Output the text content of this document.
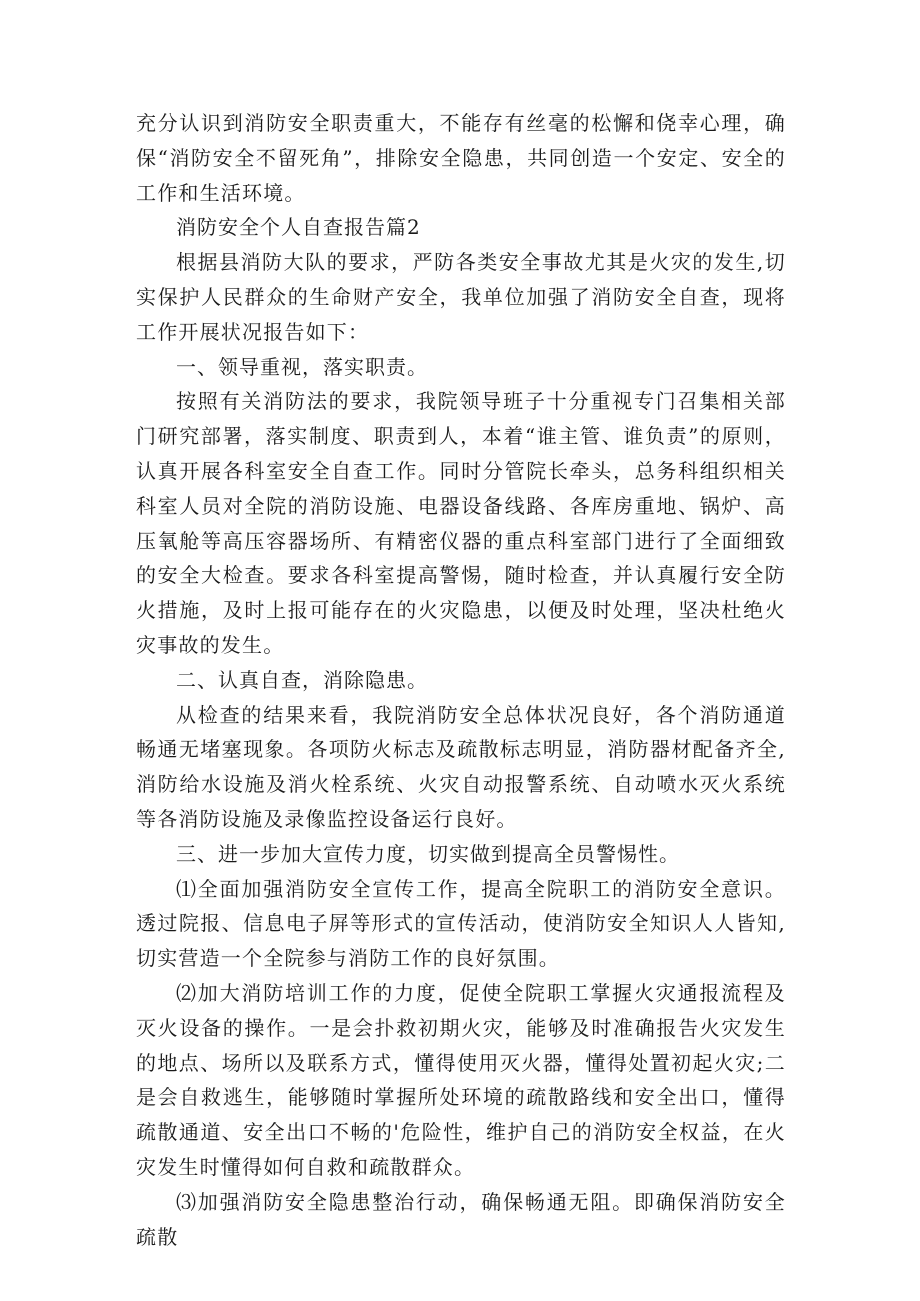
充分认识到消防安全职责重大，不能存有丝毫的松懈和侥幸心理，确保“消防安全不留死角”，排除安全隐患，共同创造一个安定、安全的工作和生活环境。

消防安全个人自查报告篇2

根据县消防大队的要求，严防各类安全事故尤其是火灾的发生,切实保护人民群众的生命财产安全，我单位加强了消防安全自查，现将工作开展状况报告如下：

一、领导重视，落实职责。

按照有关消防法的要求，我院领导班子十分重视专门召集相关部门研究部署，落实制度、职责到人，本着“谁主管、谁负责”的原则，认真开展各科室安全自查工作。同时分管院长牵头，总务科组织相关科室人员对全院的消防设施、电器设备线路、各库房重地、锅炉、高压氧舱等高压容器场所、有精密仪器的重点科室部门进行了全面细致的安全大检查。要求各科室提高警惕，随时检查，并认真履行安全防火措施，及时上报可能存在的火灾隐患，以便及时处理，坚决杜绝火灾事故的发生。

二、认真自查，消除隐患。

从检查的结果来看，我院消防安全总体状况良好，各个消防通道畅通无堵塞现象。各项防火标志及疏散标志明显，消防器材配备齐全,消防给水设施及消火栓系统、火灾自动报警系统、自动喷水灭火系统等各消防设施及录像监控设备运行良好。

三、进一步加大宣传力度，切实做到提高全员警惕性。

⑴全面加强消防安全宣传工作，提高全院职工的消防安全意识。透过院报、信息电子屏等形式的宣传活动，使消防安全知识人人皆知,切实营造一个全院参与消防工作的良好氛围。

⑵加大消防培训工作的力度，促使全院职工掌握火灾通报流程及灭火设备的操作。一是会扑救初期火灾，能够及时准确报告火灾发生的地点、场所以及联系方式，懂得使用灭火器，懂得处置初起火灾;二是会自救逃生，能够随时掌握所处环境的疏散路线和安全出口，懂得疏散通道、安全出口不畅的'危险性，维护自己的消防安全权益，在火灾发生时懂得如何自救和疏散群众。

⑶加强消防安全隐患整治行动，确保畅通无阻。即确保消防安全疏散
